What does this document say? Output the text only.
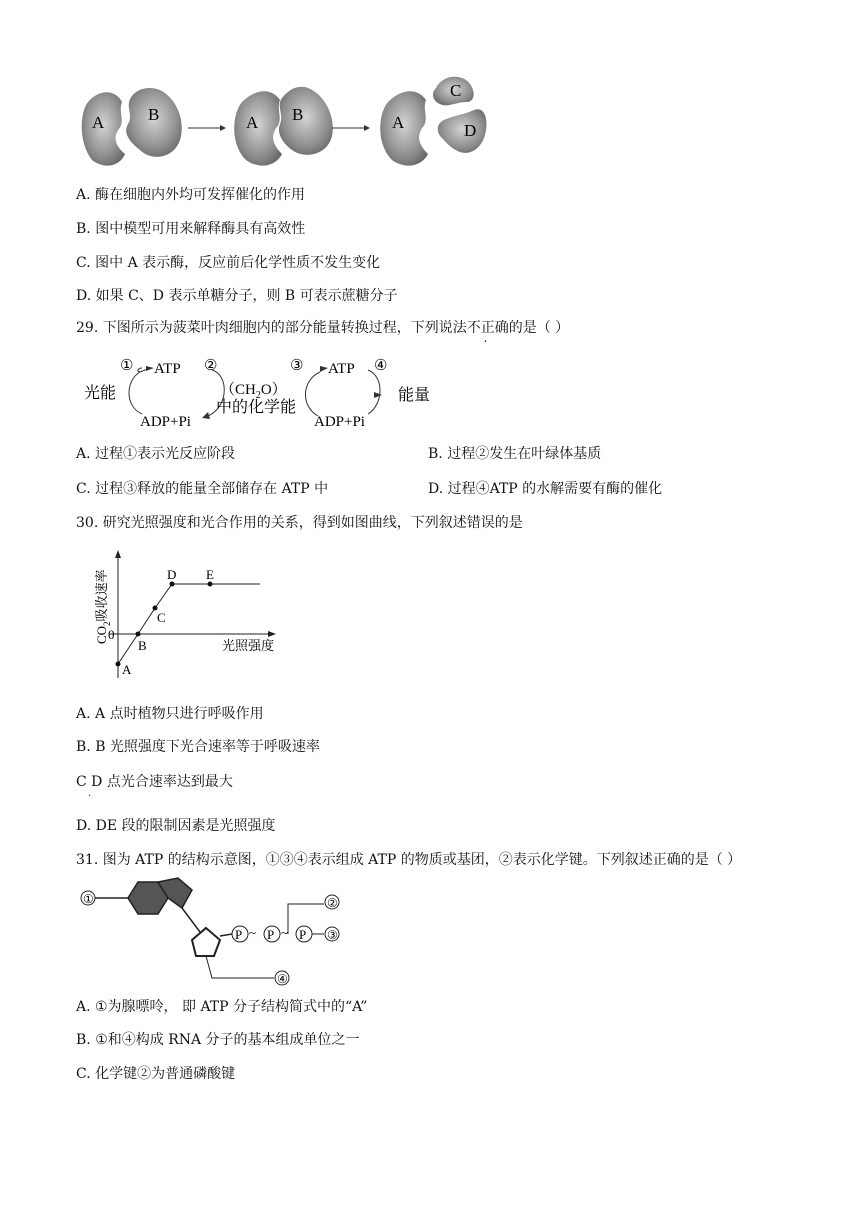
A	B	A B	A
C
D
A. 酶在细胞内外均可发挥催化的作用
B. 图中模型可用来解释酶具有高效性
C. 图中 A 表示酶，反应前后化学性质不发生变化
D. 如果 C、D 表示单糖分子，则 B 可表示蔗糖分子
29. 下图所示为菠菜叶肉细胞内的部分能量转换过程，下列说法不正确的是（ ）
① ATP ②
光能	$(CH_2O)$
中的化学能
ADP+Pi
③ ATP ④
能量
ADP+Pi
A. 过程①表示光反应阶段	B. 过程②发生在叶绿体基质
C. 过程③释放的能量全部储存在 ATP 中	D. 过程④ATP 的水解需要有酶的催化
30. 研究光照强度和光合作用的关系，得到如图曲线，下列叙述错误的是
A
B
C
D E
0
光照强度
$CO_2$吸收速率
A. A 点时植物只进行呼吸作用
B. B 光照强度下光合速率等于呼吸速率
C D 点光合速率达到最大
·
D. DE 段的限制因素是光照强度
31. 图为 ATP 的结构示意图，①③④表示组成 ATP 的物质或基团，②表示化学键。下列叙述正确的是（ ）
①
P ~ P ~ P ③
②
④
A. ①为腺嘌呤， 即 ATP 分子结构简式中的“A”
B. ①和④构成 RNA 分子的基本组成单位之一
C. 化学键②为普通磷酸键
